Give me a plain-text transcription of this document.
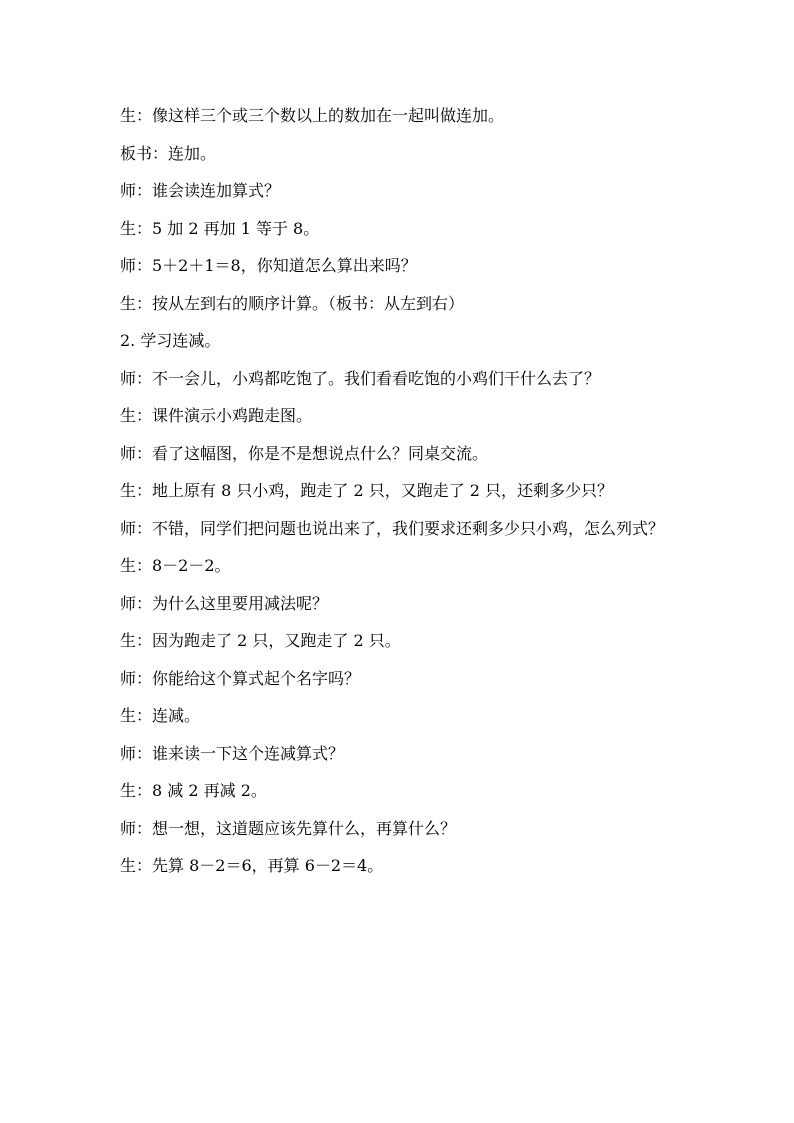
生：像这样三个或三个数以上的数加在一起叫做连加。
板书：连加。
师：谁会读连加算式？
生：5 加 2 再加 1 等于 8。
师：5＋2＋1＝8，你知道怎么算出来吗？
生：按从左到右的顺序计算。（板书：从左到右）
2. 学习连减。
师：不一会儿，小鸡都吃饱了。我们看看吃饱的小鸡们干什么去了？
生：课件演示小鸡跑走图。
师：看了这幅图，你是不是想说点什么？同桌交流。
生：地上原有 8 只小鸡，跑走了 2 只，又跑走了 2 只，还剩多少只？
师：不错，同学们把问题也说出来了，我们要求还剩多少只小鸡，怎么列式？
生：8－2－2。
师：为什么这里要用减法呢？
生：因为跑走了 2 只，又跑走了 2 只。
师：你能给这个算式起个名字吗？
生：连减。
师：谁来读一下这个连减算式？
生：8 减 2 再减 2。
师：想一想，这道题应该先算什么，再算什么？
生：先算 8－2＝6，再算 6－2＝4。
